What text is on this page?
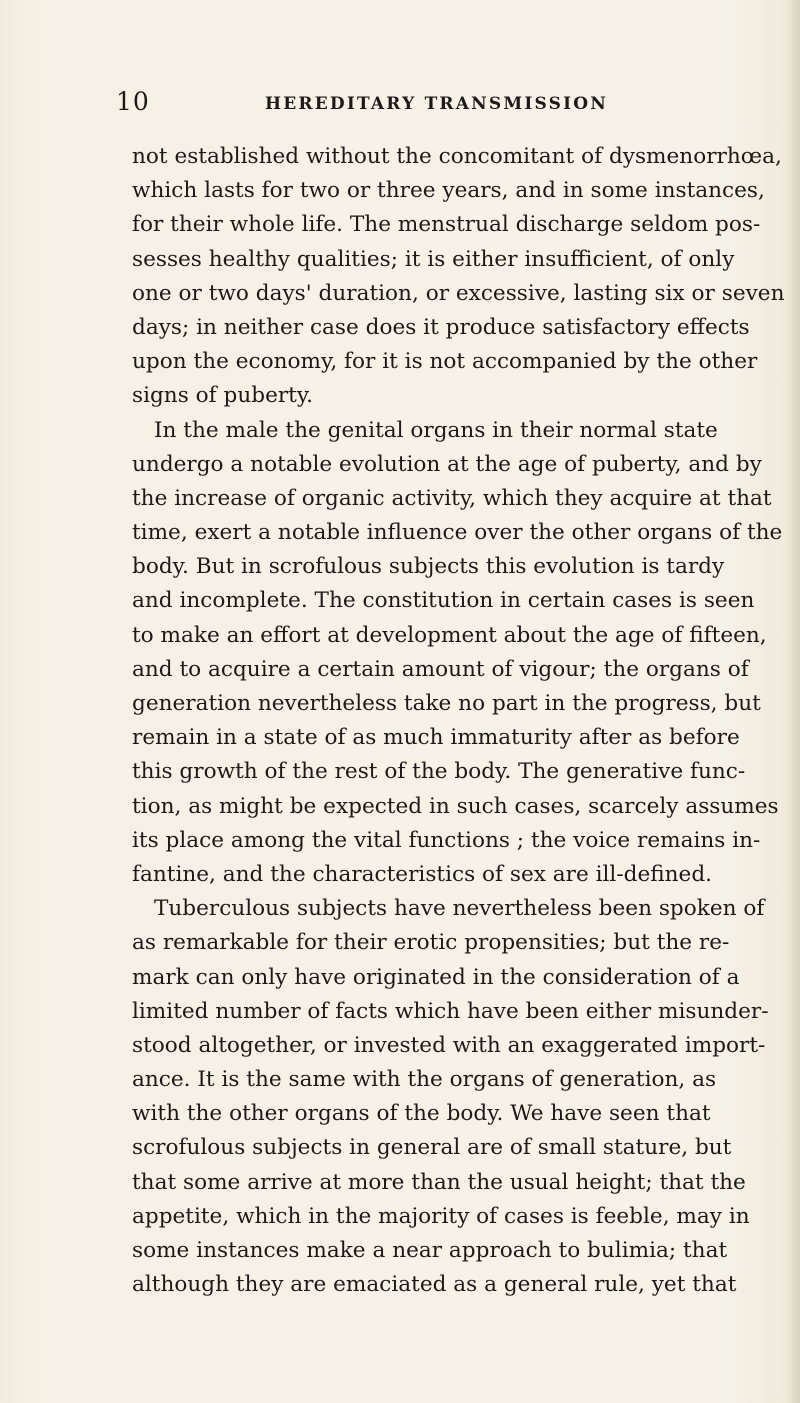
10	HEREDITARY TRANSMISSION
not established without the concomitant of dysmenorrhœa,
which lasts for two or three years, and in some instances,
for their whole life. The menstrual discharge seldom pos-
sesses healthy qualities; it is either insufficient, of only
one or two days' duration, or excessive, lasting six or seven
days; in neither case does it produce satisfactory effects
upon the economy, for it is not accompanied by the other
signs of puberty.
In the male the genital organs in their normal state
undergo a notable evolution at the age of puberty, and by
the increase of organic activity, which they acquire at that
time, exert a notable influence over the other organs of the
body. But in scrofulous subjects this evolution is tardy
and incomplete. The constitution in certain cases is seen
to make an effort at development about the age of fifteen,
and to acquire a certain amount of vigour; the organs of
generation nevertheless take no part in the progress, but
remain in a state of as much immaturity after as before
this growth of the rest of the body. The generative func-
tion, as might be expected in such cases, scarcely assumes
its place among the vital functions ; the voice remains in-
fantine, and the characteristics of sex are ill-defined.
Tuberculous subjects have nevertheless been spoken of
as remarkable for their erotic propensities; but the re-
mark can only have originated in the consideration of a
limited number of facts which have been either misunder-
stood altogether, or invested with an exaggerated import-
ance. It is the same with the organs of generation, as
with the other organs of the body. We have seen that
scrofulous subjects in general are of small stature, but
that some arrive at more than the usual height; that the
appetite, which in the majority of cases is feeble, may in
some instances make a near approach to bulimia; that
although they are emaciated as a general rule, yet that
